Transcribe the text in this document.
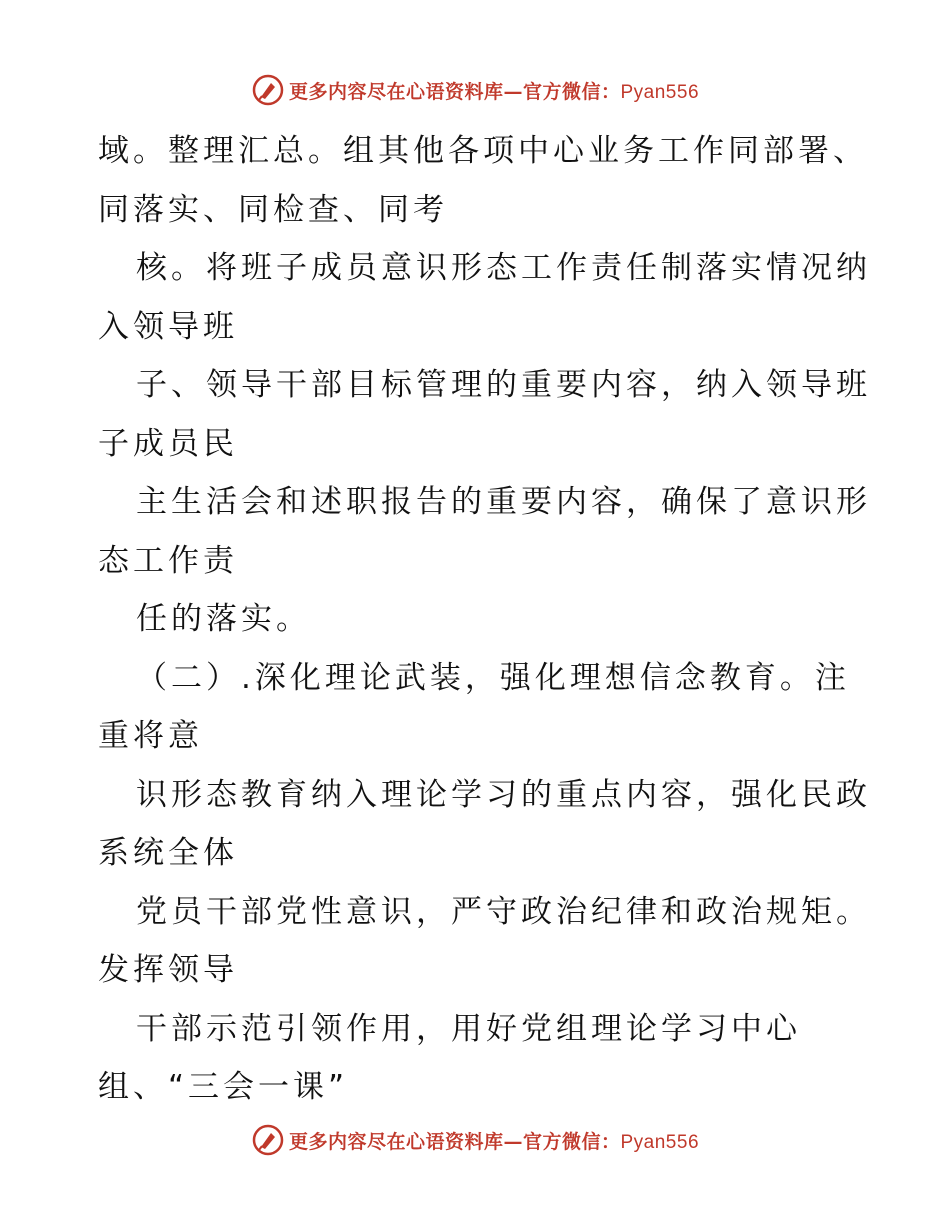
更多内容尽在心语资料库—官方微信：Pyan556
域。整理汇总。组其他各项中心业务工作同部署、
同落实、同检查、同考
核。将班子成员意识形态工作责任制落实情况纳
入领导班
子、领导干部目标管理的重要内容，纳入领导班
子成员民
主生活会和述职报告的重要内容，确保了意识形
态工作责
任的落实。
（二）.深化理论武装，强化理想信念教育。注
重将意
识形态教育纳入理论学习的重点内容，强化民政
系统全体
党员干部党性意识，严守政治纪律和政治规矩。
发挥领导
干部示范引领作用，用好党组理论学习中心
组、“三会一课”
更多内容尽在心语资料库—官方微信：Pyan556
